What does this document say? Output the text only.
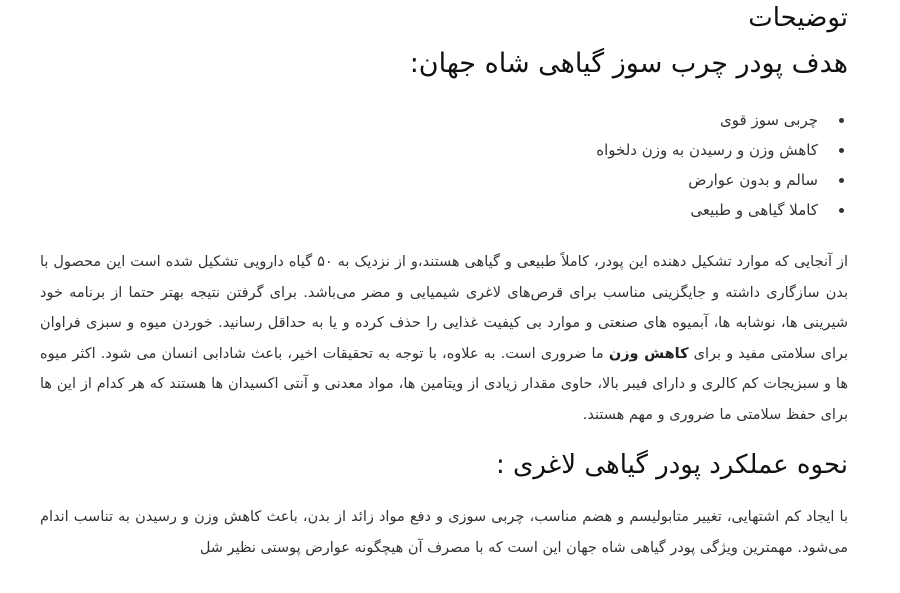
توضیحات
هدف پودر چرب سوز گیاهی شاه جهان:
چربی سوز قوی
کاهش وزن و رسیدن به وزن دلخواه
سالم و بدون عوارض
کاملا گیاهی و طبیعی

از آنجایی که موارد تشکیل دهنده این پودر، کاملاً طبیعی و گیاهی هستند،و از نزدیک به ۵۰ گیاه دارویی تشکیل شده است این محصول با بدن سازگاری داشته و جایگزینی مناسب برای قرص‌های لاغری شیمیایی و مضر می‌باشد. برای گرفتن نتیجه بهتر حتما از برنامه خود شیرینی ها، نوشابه ها، آبمیوه های صنعتی و موارد بی کیفیت غذایی را حذف کرده و یا به حداقل رسانید. خوردن میوه و سبزی فراوان برای سلامتی مفید و برای کاهش وزن ما ضروری است. به علاوه، با توجه به تحقیقات اخیر، باعث شادابی انسان می شود. اکثر میوه ها و سبزیجات کم کالری و دارای فیبر بالا، حاوی مقدار زیادی از ویتامین ها، مواد معدنی و آنتی اکسیدان ها هستند که هر کدام از این ها برای حفظ سلامتی ما ضروری و مهم هستند.

نحوه عملکرد پودر گیاهی لاغری :

با ایجاد کم اشتهایی، تغییر متابولیسم و هضم مناسب، چربی سوزی و دفع مواد زائد از بدن، باعث کاهش وزن و رسیدن به تناسب اندام می‌شود. مهمترین ویژگی پودر گیاهی شاه جهان این است که با مصرف آن هیچگونه عوارض پوستی نظیر شل
